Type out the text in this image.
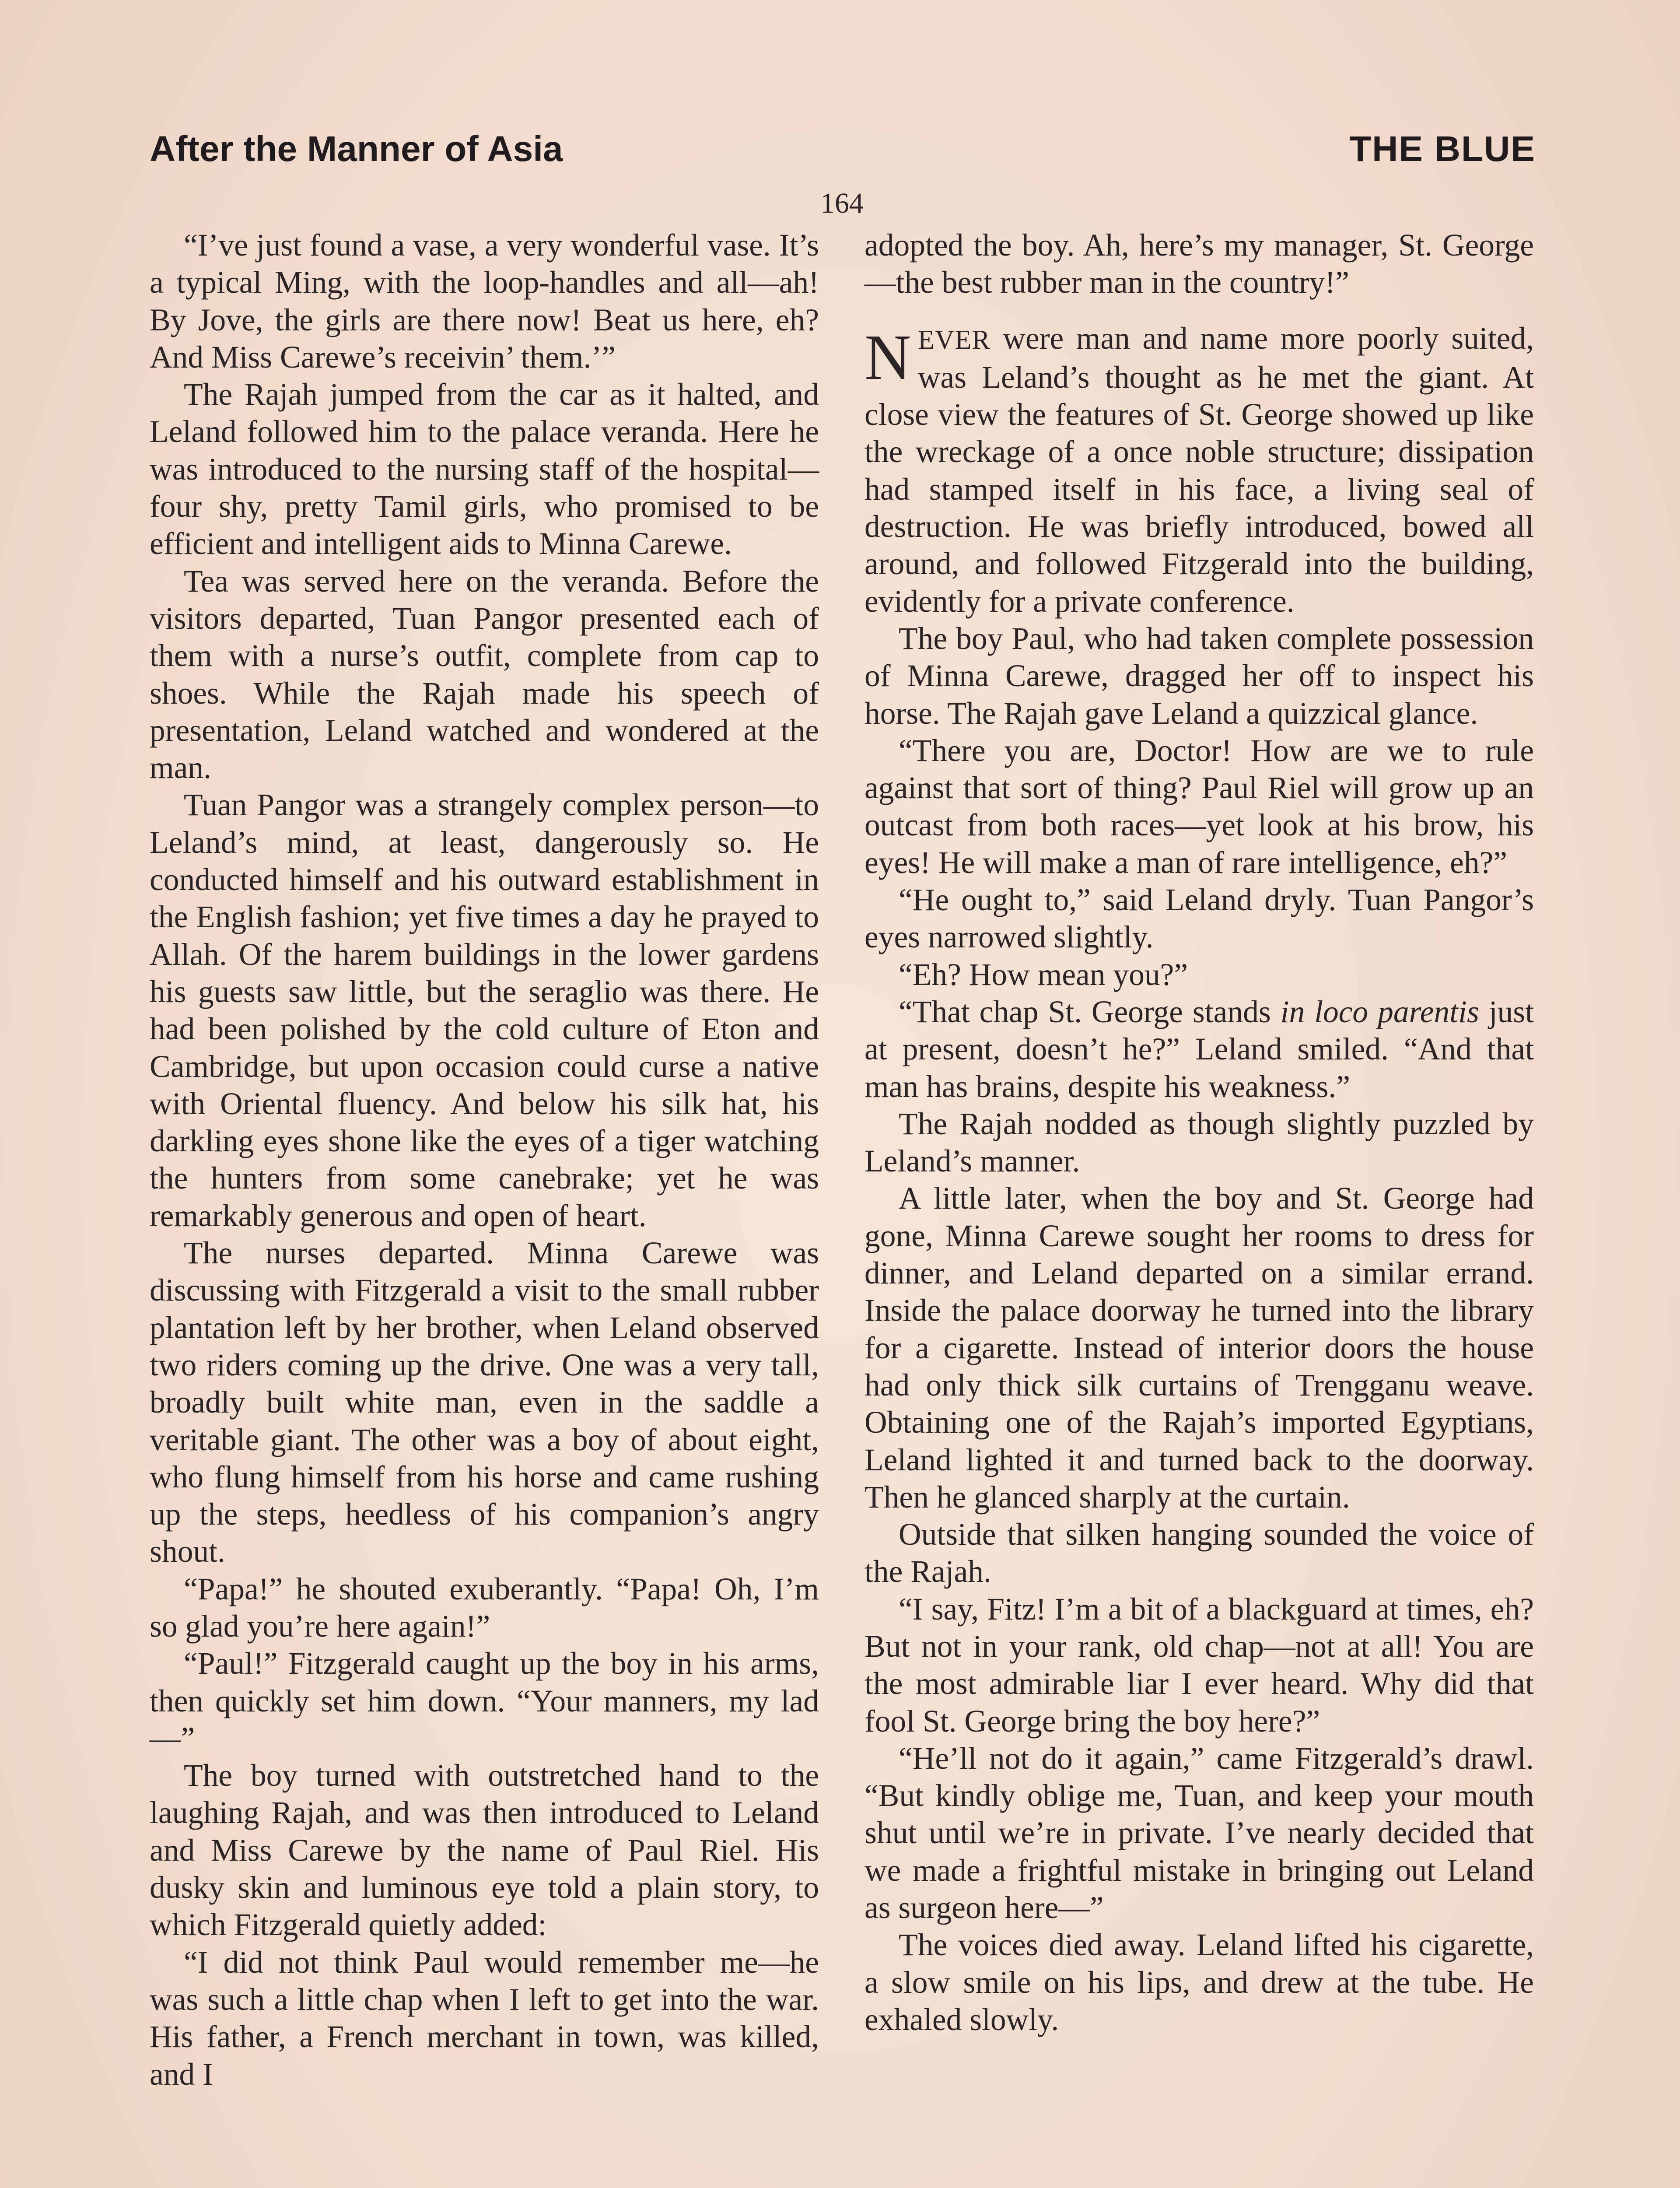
After the Manner of Asia	THE BLUE
164

“I’ve just found a vase, a very wonderful vase. It’s a typical Ming, with the loop-handles and all—ah! By Jove, the girls are there now! Beat us here, eh? And Miss Carewe’s receivin’ them.’”

The Rajah jumped from the car as it halted, and Leland followed him to the palace veranda. Here he was introduced to the nursing staff of the hospital—four shy, pretty Tamil girls, who promised to be efficient and intelligent aids to Minna Carewe.

Tea was served here on the veranda. Before the visitors departed, Tuan Pangor presented each of them with a nurse’s outfit, complete from cap to shoes. While the Rajah made his speech of presentation, Leland watched and wondered at the man.

Tuan Pangor was a strangely complex person—to Leland’s mind, at least, dangerously so. He conducted himself and his outward establishment in the English fashion; yet five times a day he prayed to Allah. Of the harem buildings in the lower gardens his guests saw little, but the seraglio was there. He had been polished by the cold culture of Eton and Cambridge, but upon occasion could curse a native with Oriental fluency. And below his silk hat, his darkling eyes shone like the eyes of a tiger watching the hunters from some canebrake; yet he was remarkably generous and open of heart.

The nurses departed. Minna Carewe was discussing with Fitzgerald a visit to the small rubber plantation left by her brother, when Leland observed two riders coming up the drive. One was a very tall, broadly built white man, even in the saddle a veritable giant. The other was a boy of about eight, who flung himself from his horse and came rushing up the steps, heedless of his companion’s angry shout.

“Papa!” he shouted exuberantly. “Papa! Oh, I’m so glad you’re here again!”

“Paul!” Fitzgerald caught up the boy in his arms, then quickly set him down. “Your manners, my lad—”

The boy turned with outstretched hand to the laughing Rajah, and was then introduced to Leland and Miss Carewe by the name of Paul Riel. His dusky skin and luminous eye told a plain story, to which Fitzgerald quietly added:

“I did not think Paul would remember me—he was such a little chap when I left to get into the war. His father, a French merchant in town, was killed, and I

adopted the boy. Ah, here’s my manager, St. George—the best rubber man in the country!”

NEVER were man and name more poorly suited, was Leland’s thought as he met the giant. At close view the features of St. George showed up like the wreckage of a once noble structure; dissipation had stamped itself in his face, a living seal of destruction. He was briefly introduced, bowed all around, and followed Fitzgerald into the building, evidently for a private conference.

The boy Paul, who had taken complete possession of Minna Carewe, dragged her off to inspect his horse. The Rajah gave Leland a quizzical glance.

“There you are, Doctor! How are we to rule against that sort of thing? Paul Riel will grow up an outcast from both races—yet look at his brow, his eyes! He will make a man of rare intelligence, eh?”

“He ought to,” said Leland dryly. Tuan Pangor’s eyes narrowed slightly.

“Eh? How mean you?”

“That chap St. George stands in loco parentis just at present, doesn’t he?” Leland smiled. “And that man has brains, despite his weakness.”

The Rajah nodded as though slightly puzzled by Leland’s manner.

A little later, when the boy and St. George had gone, Minna Carewe sought her rooms to dress for dinner, and Leland departed on a similar errand. Inside the palace doorway he turned into the library for a cigarette. Instead of interior doors the house had only thick silk curtains of Trengganu weave. Obtaining one of the Rajah’s imported Egyptians, Leland lighted it and turned back to the doorway. Then he glanced sharply at the curtain.

Outside that silken hanging sounded the voice of the Rajah.

“I say, Fitz! I’m a bit of a blackguard at times, eh? But not in your rank, old chap—not at all! You are the most admirable liar I ever heard. Why did that fool St. George bring the boy here?”

“He’ll not do it again,” came Fitzgerald’s drawl. “But kindly oblige me, Tuan, and keep your mouth shut until we’re in private. I’ve nearly decided that we made a frightful mistake in bringing out Leland as surgeon here—”

The voices died away. Leland lifted his cigarette, a slow smile on his lips, and drew at the tube. He exhaled slowly.
